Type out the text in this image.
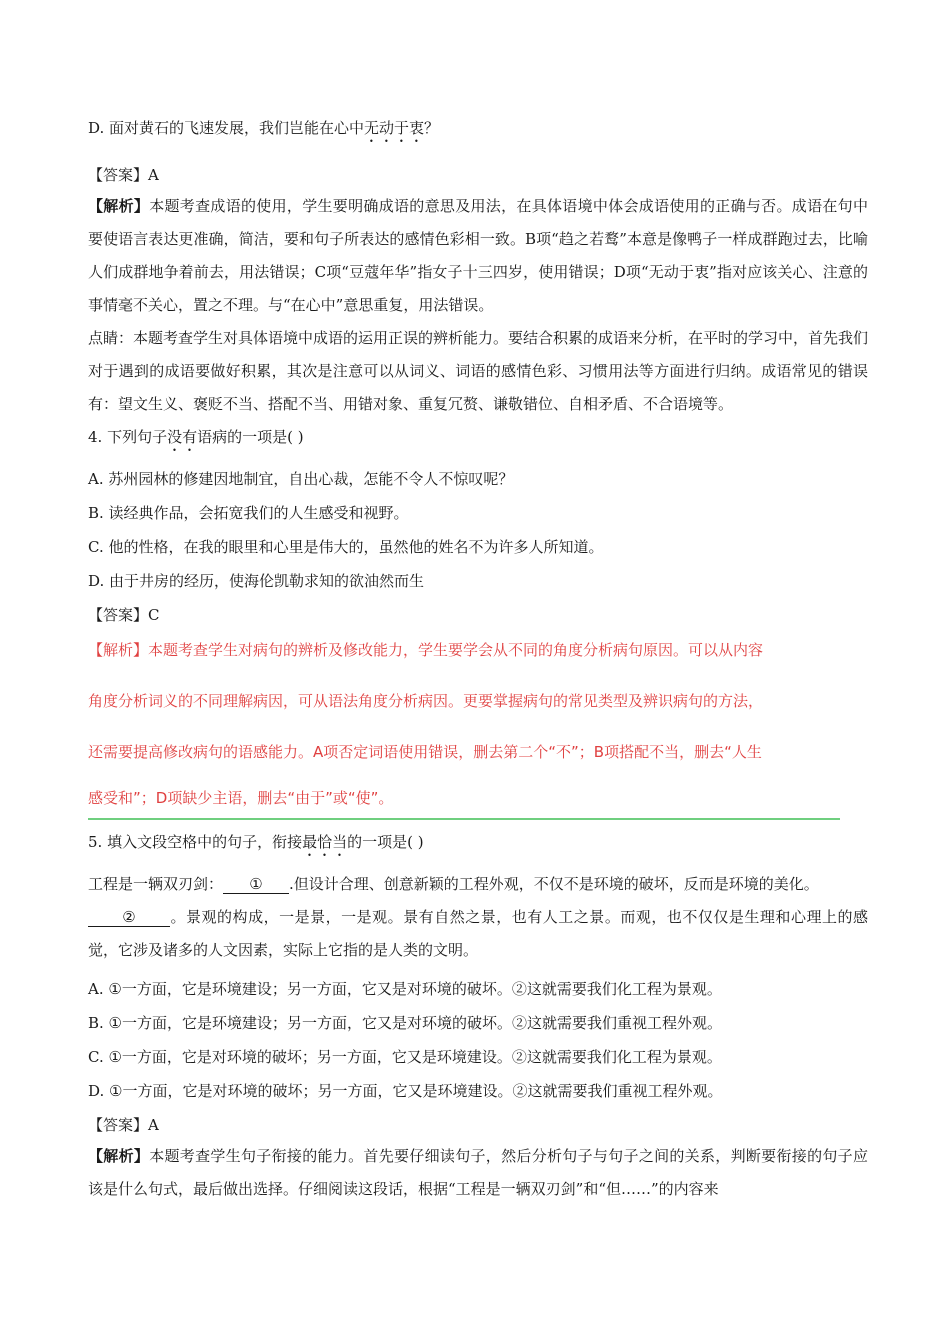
D. 面对黄石的飞速发展，我们岂能在心中无动于衷？

【答案】A

【解析】本题考查成语的使用，学生要明确成语的意思及用法，在具体语境中体会成语使用的正确与否。成语在句中要使语言表达更准确，简洁，要和句子所表达的感情色彩相一致。B项“趋之若鹜”本意是像鸭子一样成群跑过去，比喻人们成群地争着前去，用法错误；C项“豆蔻年华”指女子十三四岁，使用错误；D项“无动于衷”指对应该关心、注意的事情毫不关心，置之不理。与“在心中”意思重复，用法错误。

点睛：本题考查学生对具体语境中成语的运用正误的辨析能力。要结合积累的成语来分析，在平时的学习中，首先我们对于遇到的成语要做好积累，其次是注意可以从词义、词语的感情色彩、习惯用法等方面进行归纳。成语常见的错误有：望文生义、褒贬不当、搭配不当、用错对象、重复冗赘、谦敬错位、自相矛盾、不合语境等。

4. 下列句子没有语病的一项是( )

A. 苏州园林的修建因地制宜，自出心裁，怎能不令人不惊叹呢？

B. 读经典作品，会拓宽我们的人生感受和视野。

C. 他的性格，在我的眼里和心里是伟大的，虽然他的姓名不为许多人所知道。

D. 由于井房的经历，使海伦凯勒求知的欲油然而生

【答案】C

【解析】本题考查学生对病句的辨析及修改能力，学生要学会从不同的角度分析病句原因。可以从内容

角度分析词义的不同理解病因，可从语法角度分析病因。更要掌握病句的常见类型及辨识病句的方法，

还需要提高修改病句的语感能力。A项否定词语使用错误，删去第二个“不”；B项搭配不当，删去“人生

感受和”；D项缺少主语，删去“由于”或“使”。

5. 填入文段空格中的句子，衔接最恰当的一项是( )

工程是一辆双刃剑： ① .但设计合理、创意新颖的工程外观，不仅不是环境的破坏，反而是环境的美化。
② 。景观的构成，一是景，一是观。景有自然之景，也有人工之景。而观，也不仅仅是生理和心理上的感觉，它涉及诸多的人文因素，实际上它指的是人类的文明。

A. ①一方面，它是环境建设；另一方面，它又是对环境的破坏。②这就需要我们化工程为景观。

B. ①一方面，它是环境建设；另一方面，它又是对环境的破坏。②这就需要我们重视工程外观。

C. ①一方面，它是对环境的破坏；另一方面，它又是环境建设。②这就需要我们化工程为景观。

D. ①一方面，它是对环境的破坏；另一方面，它又是环境建设。②这就需要我们重视工程外观。

【答案】A

【解析】本题考查学生句子衔接的能力。首先要仔细读句子，然后分析句子与句子之间的关系，判断要衔接的句子应该是什么句式，最后做出选择。仔细阅读这段话，根据“工程是一辆双刃剑”和“但……”的内容来
